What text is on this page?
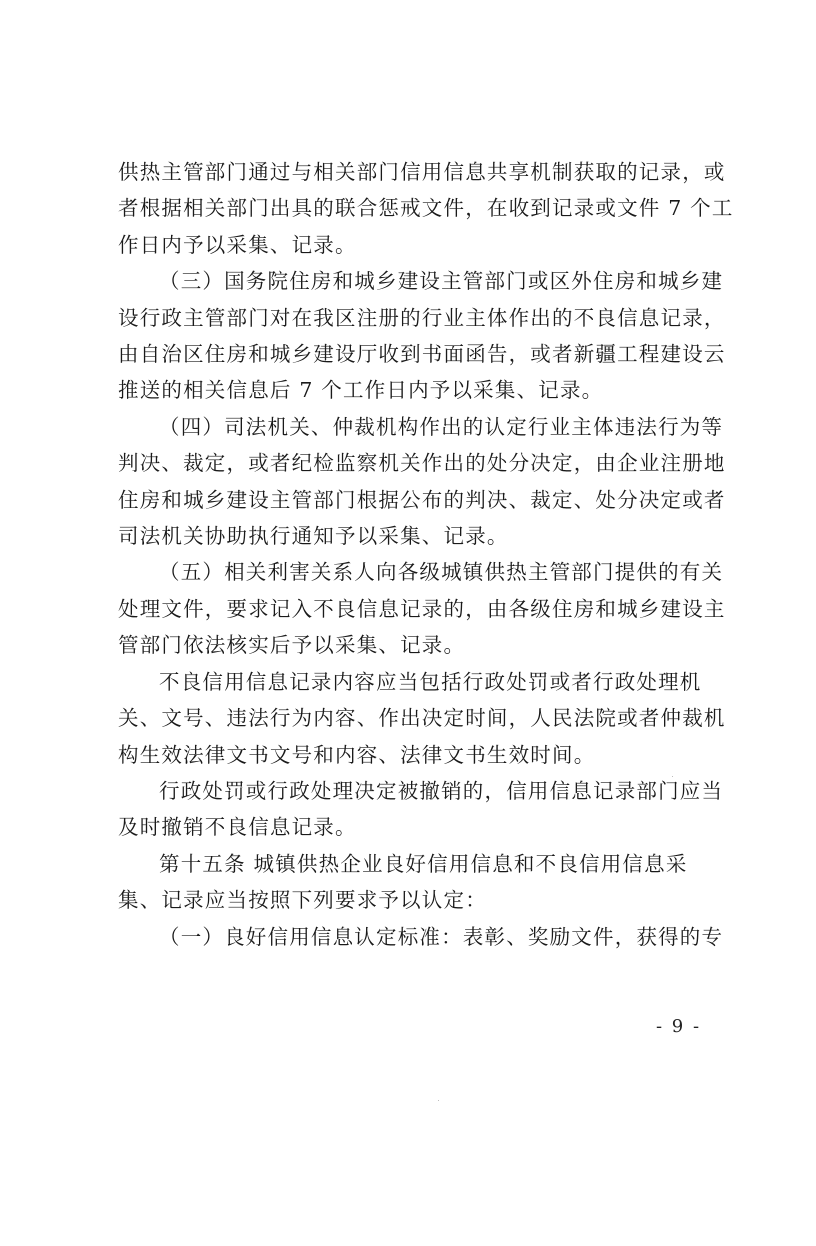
供热主管部门通过与相关部门信用信息共享机制获取的记录，或
者根据相关部门出具的联合惩戒文件，在收到记录或文件 7 个工
作日内予以采集、记录。

（三）国务院住房和城乡建设主管部门或区外住房和城乡建
设行政主管部门对在我区注册的行业主体作出的不良信息记录，
由自治区住房和城乡建设厅收到书面函告，或者新疆工程建设云
推送的相关信息后 7 个工作日内予以采集、记录。

（四）司法机关、仲裁机构作出的认定行业主体违法行为等
判决、裁定，或者纪检监察机关作出的处分决定，由企业注册地
住房和城乡建设主管部门根据公布的判决、裁定、处分决定或者
司法机关协助执行通知予以采集、记录。

（五）相关利害关系人向各级城镇供热主管部门提供的有关
处理文件，要求记入不良信息记录的，由各级住房和城乡建设主
管部门依法核实后予以采集、记录。

不良信用信息记录内容应当包括行政处罚或者行政处理机
关、文号、违法行为内容、作出决定时间，人民法院或者仲裁机
构生效法律文书文号和内容、法律文书生效时间。

行政处罚或行政处理决定被撤销的，信用信息记录部门应当
及时撤销不良信息记录。

第十五条 城镇供热企业良好信用信息和不良信用信息采
集、记录应当按照下列要求予以认定：

（一）良好信用信息认定标准：表彰、奖励文件，获得的专

- 9 -
